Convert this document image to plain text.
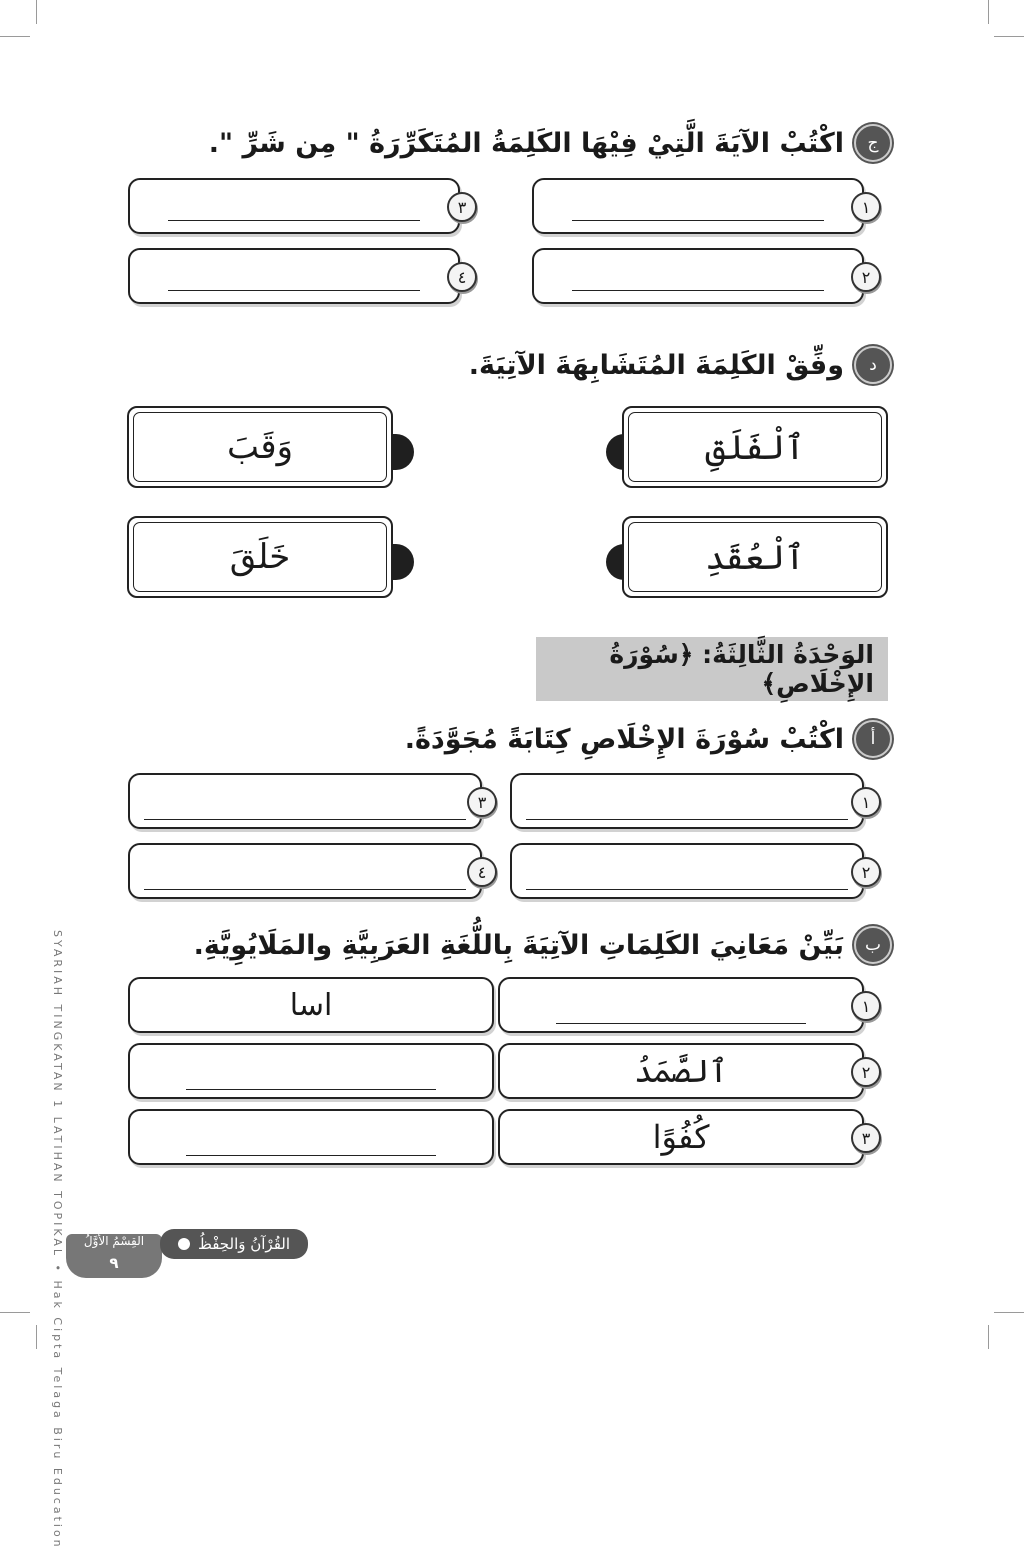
SYARIAH TINGKATAN 1 LATIHAN TOPIKAL • Hak Cipta Telaga Biru Education
ج
اكْتُبْ الآيَةَ الَّتِيْ فِيْهَا الكَلِمَةُ المُتَكَرِّرَةُ " مِن شَرِّ ".
١
٢
٣
٤
د
وفِّقْ الكَلِمَةَ المُتَشَابِهَةَ الآتِيَةَ.
ٱلْفَلَقِ
ٱلْعُقَدِ
وَقَبَ
خَلَقَ
الوَحْدَةُ الثَّالِثَةُ: ﴿سُوْرَةُ الإِخْلَاصِ﴾
أ
اكْتُبْ سُوْرَةَ الإِخْلَاصِ كِتَابَةً مُجَوَّدَةً.
١
٢
٣
٤
ب
بَيِّنْ مَعَانِيَ الكَلِمَاتِ الآتِيَةَ بِاللُّغَةِ العَرَبِيَّةِ والمَلَايُوِيَّةِ.
١
اسا
ٱلصَّمَدُ	٢
كُفُوًا	٣
القِسْمُ الأَوَّلُ
٩
القُرْآنُ وَالحِفْظُ
